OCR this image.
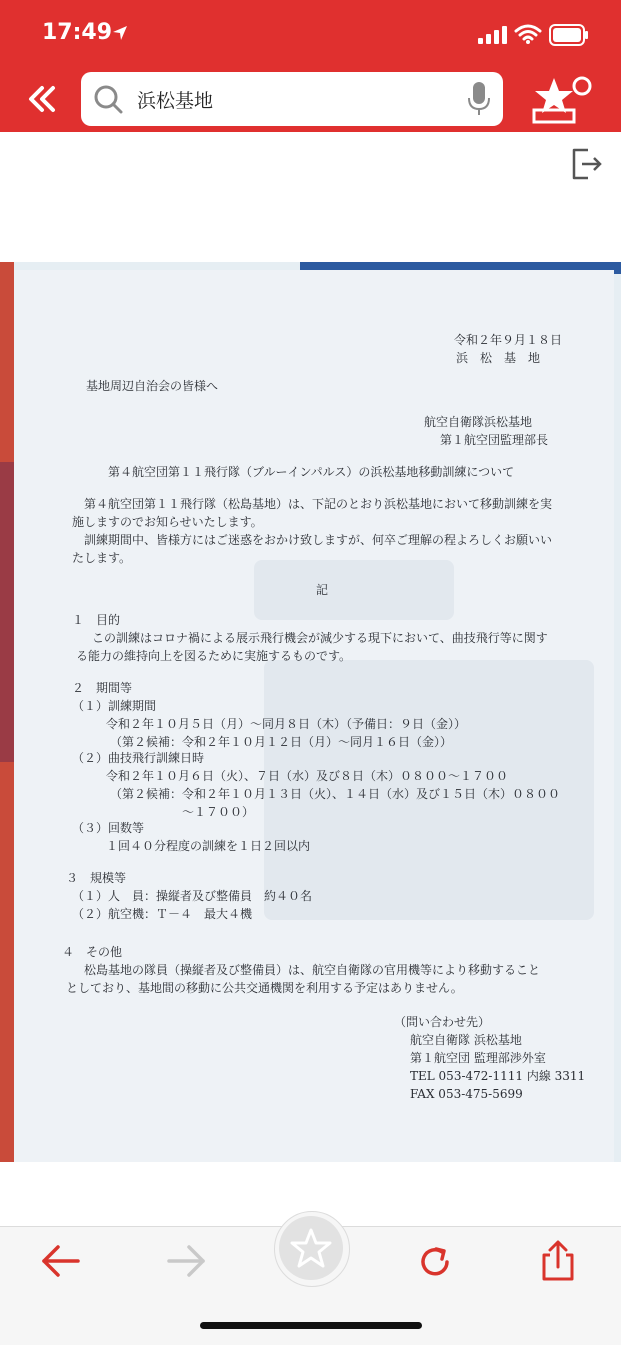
17:49
浜松基地
令和２年９月１８日
浜　松　基　地
基地周辺自治会の皆様へ
航空自衛隊浜松基地
第１航空団監理部長
第４航空団第１１飛行隊（ブルーインパルス）の浜松基地移動訓練について
第４航空団第１１飛行隊（松島基地）は、下記のとおり浜松基地において移動訓練を実
施しますのでお知らせいたします。
訓練期間中、皆様方にはご迷惑をおかけ致しますが、何卒ご理解の程よろしくお願いい
たします。
記
１　目的
この訓練はコロナ禍による展示飛行機会が減少する現下において、曲技飛行等に関す
る能力の維持向上を図るために実施するものです。
２　期間等
（１）訓練期間
令和２年１０月５日（月）～同月８日（木）（予備日：９日（金））
（第２候補：令和２年１０月１２日（月）～同月１６日（金））
（２）曲技飛行訓練日時
令和２年１０月６日（火）、７日（水）及び８日（木）０８００～１７００
（第２候補：令和２年１０月１３日（火）、１４日（水）及び１５日（木）０８００
～１７００）
（３）回数等
１回４０分程度の訓練を１日２回以内
３　規模等
（１）人　員：操縦者及び整備員　約４０名
（２）航空機：Ｔ－４　最大４機
４　その他
松島基地の隊員（操縦者及び整備員）は、航空自衛隊の官用機等により移動すること
としており、基地間の移動に公共交通機関を利用する予定はありません。
（問い合わせ先）
航空自衛隊 浜松基地
第１航空団 監理部渉外室
TEL 053-472-1111 内線 3311
FAX 053-475-5699
